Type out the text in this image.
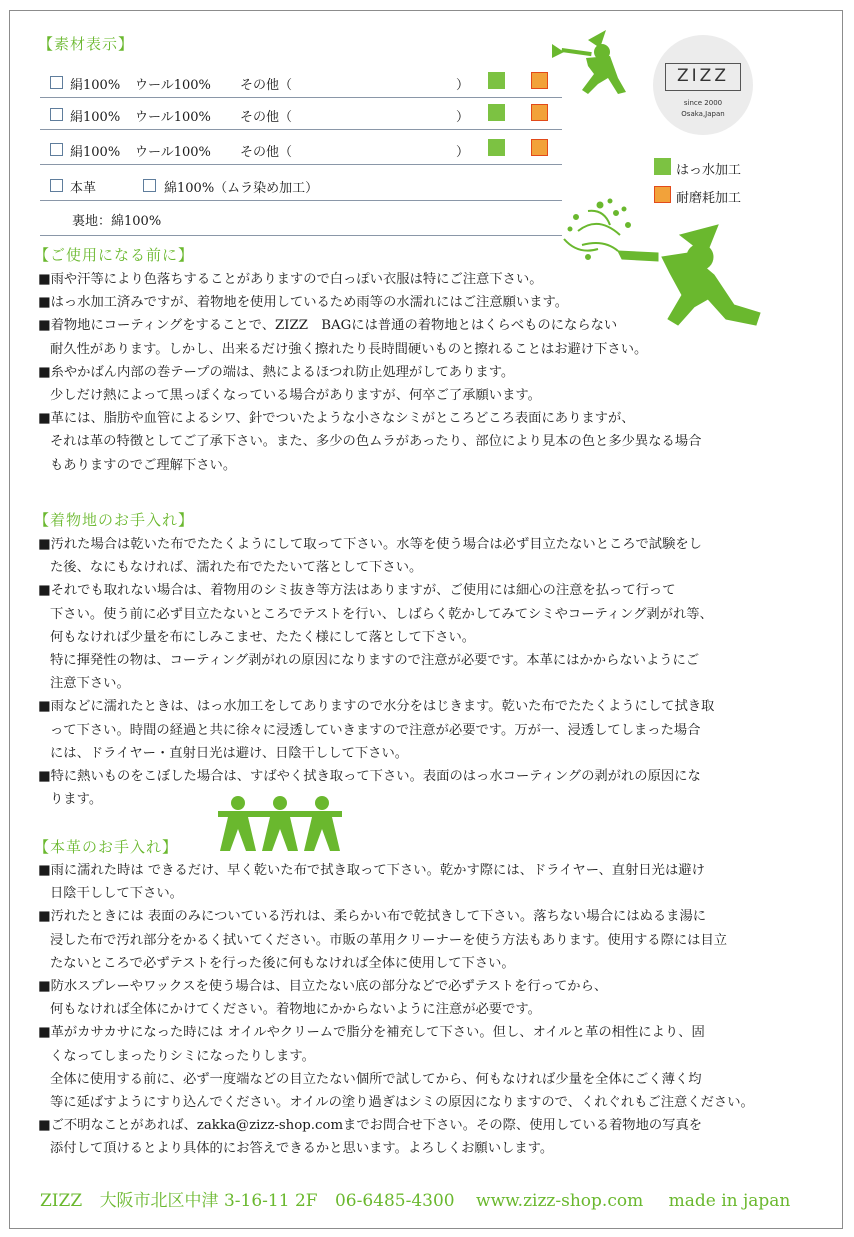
【素材表示】
絹100% ウール100% その他（	）
絹100% ウール100% その他（	）
絹100% ウール100% その他（	）
本革	綿100%（ムラ染め加工）
裏地：綿100%
ZIZZ
since 2000
Osaka,Japan
はっ水加工
耐磨耗加工
【ご使用になる前に】

■雨や汗等により色落ちすることがありますので白っぽい衣服は特にご注意下さい。

■はっ水加工済みですが、着物地を使用しているため雨等の水濡れにはご注意願います。

■着物地にコーティングをすることで、ZIZZ　BAGには普通の着物地とはくらべものにならない

耐久性があります。しかし、出来るだけ強く擦れたり長時間硬いものと擦れることはお避け下さい。

■糸やかばん内部の巻テープの端は、熱によるほつれ防止処理がしてあります。

少しだけ熱によって黒っぽくなっている場合がありますが、何卒ご了承願います。

■革には、脂肪や血管によるシワ、針でついたような小さなシミがところどころ表面にありますが、

それは革の特徴としてご了承下さい。また、多少の色ムラがあったり、部位により見本の色と多少異なる場合

もありますのでご理解下さい。

【着物地のお手入れ】

■汚れた場合は乾いた布でたたくようにして取って下さい。水等を使う場合は必ず目立たないところで試験をし

た後、なにもなければ、濡れた布でたたいて落として下さい。

■それでも取れない場合は、着物用のシミ抜き等方法はありますが、ご使用には細心の注意を払って行って

下さい。使う前に必ず目立たないところでテストを行い、しばらく乾かしてみてシミやコーティング剥がれ等、

何もなければ少量を布にしみこませ、たたく様にして落として下さい。

特に揮発性の物は、コーティング剥がれの原因になりますので注意が必要です。本革にはかからないようにご

注意下さい。

■雨などに濡れたときは、はっ水加工をしてありますので水分をはじきます。乾いた布でたたくようにして拭き取

って下さい。時間の経過と共に徐々に浸透していきますので注意が必要です。万が一、浸透してしまった場合

には、ドライヤー・直射日光は避け、日陰干しして下さい。

■特に熱いものをこぼした場合は、すばやく拭き取って下さい。表面のはっ水コーティングの剥がれの原因にな

ります。

【本革のお手入れ】

■雨に濡れた時は できるだけ、早く乾いた布で拭き取って下さい。乾かす際には、ドライヤー、直射日光は避け

日陰干しして下さい。

■汚れたときには 表面のみについている汚れは、柔らかい布で乾拭きして下さい。落ちない場合にはぬるま湯に

浸した布で汚れ部分をかるく拭いてください。市販の革用クリーナーを使う方法もあります。使用する際には目立

たないところで必ずテストを行った後に何もなければ全体に使用して下さい。

■防水スプレーやワックスを使う場合は、目立たない底の部分などで必ずテストを行ってから、

何もなければ全体にかけてください。着物地にかからないように注意が必要です。

■革がカサカサになった時には オイルやクリームで脂分を補充して下さい。但し、オイルと革の相性により、固

くなってしまったりシミになったりします。

全体に使用する前に、必ず一度端などの目立たない個所で試してから、何もなければ少量を全体にごく薄く均

等に延ばすようにすり込んでください。オイルの塗り過ぎはシミの原因になりますので、くれぐれもご注意ください。

■ご不明なことがあれば、zakka@zizz-shop.comまでお問合せ下さい。その際、使用している着物地の写真を

添付して頂けるとより具体的にお答えできるかと思います。よろしくお願いします。

ZIZZ 大阪市北区中津 3-16-11 2F 06-6485-4300 www.zizz-shop.com made in japan
